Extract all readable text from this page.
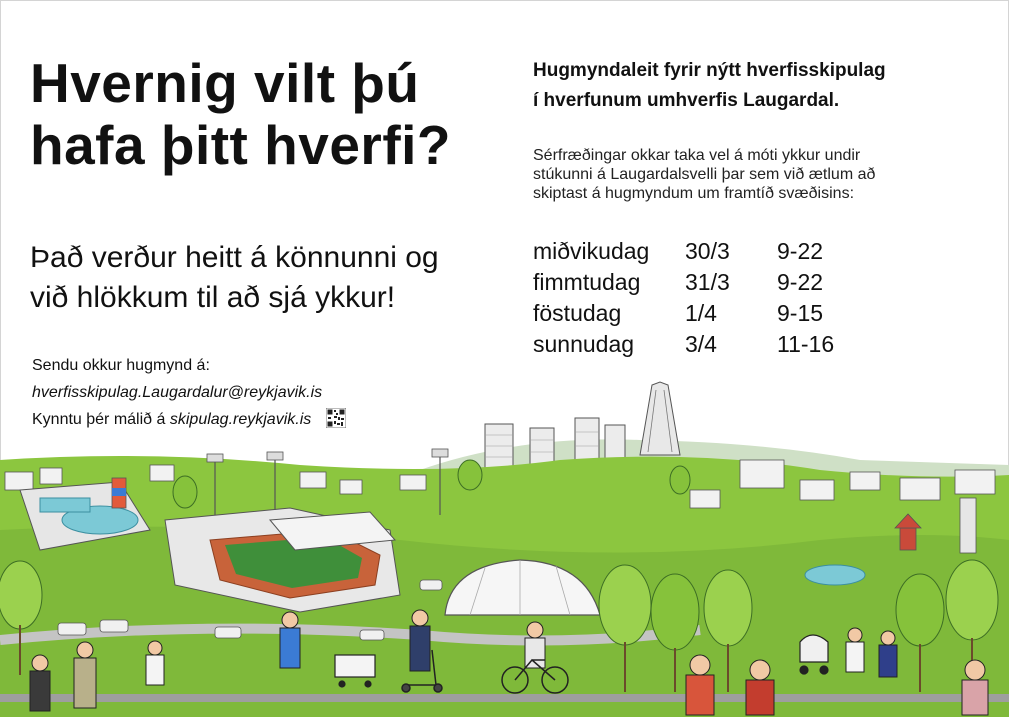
Hvernig vilt þú
hafa þitt hverfi?
Það verður heitt á könnunni og
við hlökkum til að sjá ykkur!
Sendu okkur hugmynd á:
hverfisskipulag.Laugardalur@reykjavik.is
Kynntu þér málið á skipulag.reykjavik.is
Hugmyndaleit fyrir nýtt hverfisskipulag
í hverfunum umhverfis Laugardal.
Sérfræðingar okkar taka vel á móti ykkur undir
stúkunni á Laugardalsvelli þar sem við ætlum að
skiptast á hugmyndum um framtíð svæðisins:
miðvikudag	30/3	9-22
fimmtudag	31/3	9-22
föstudag	1/4	9-15
sunnudag	3/4	11-16
